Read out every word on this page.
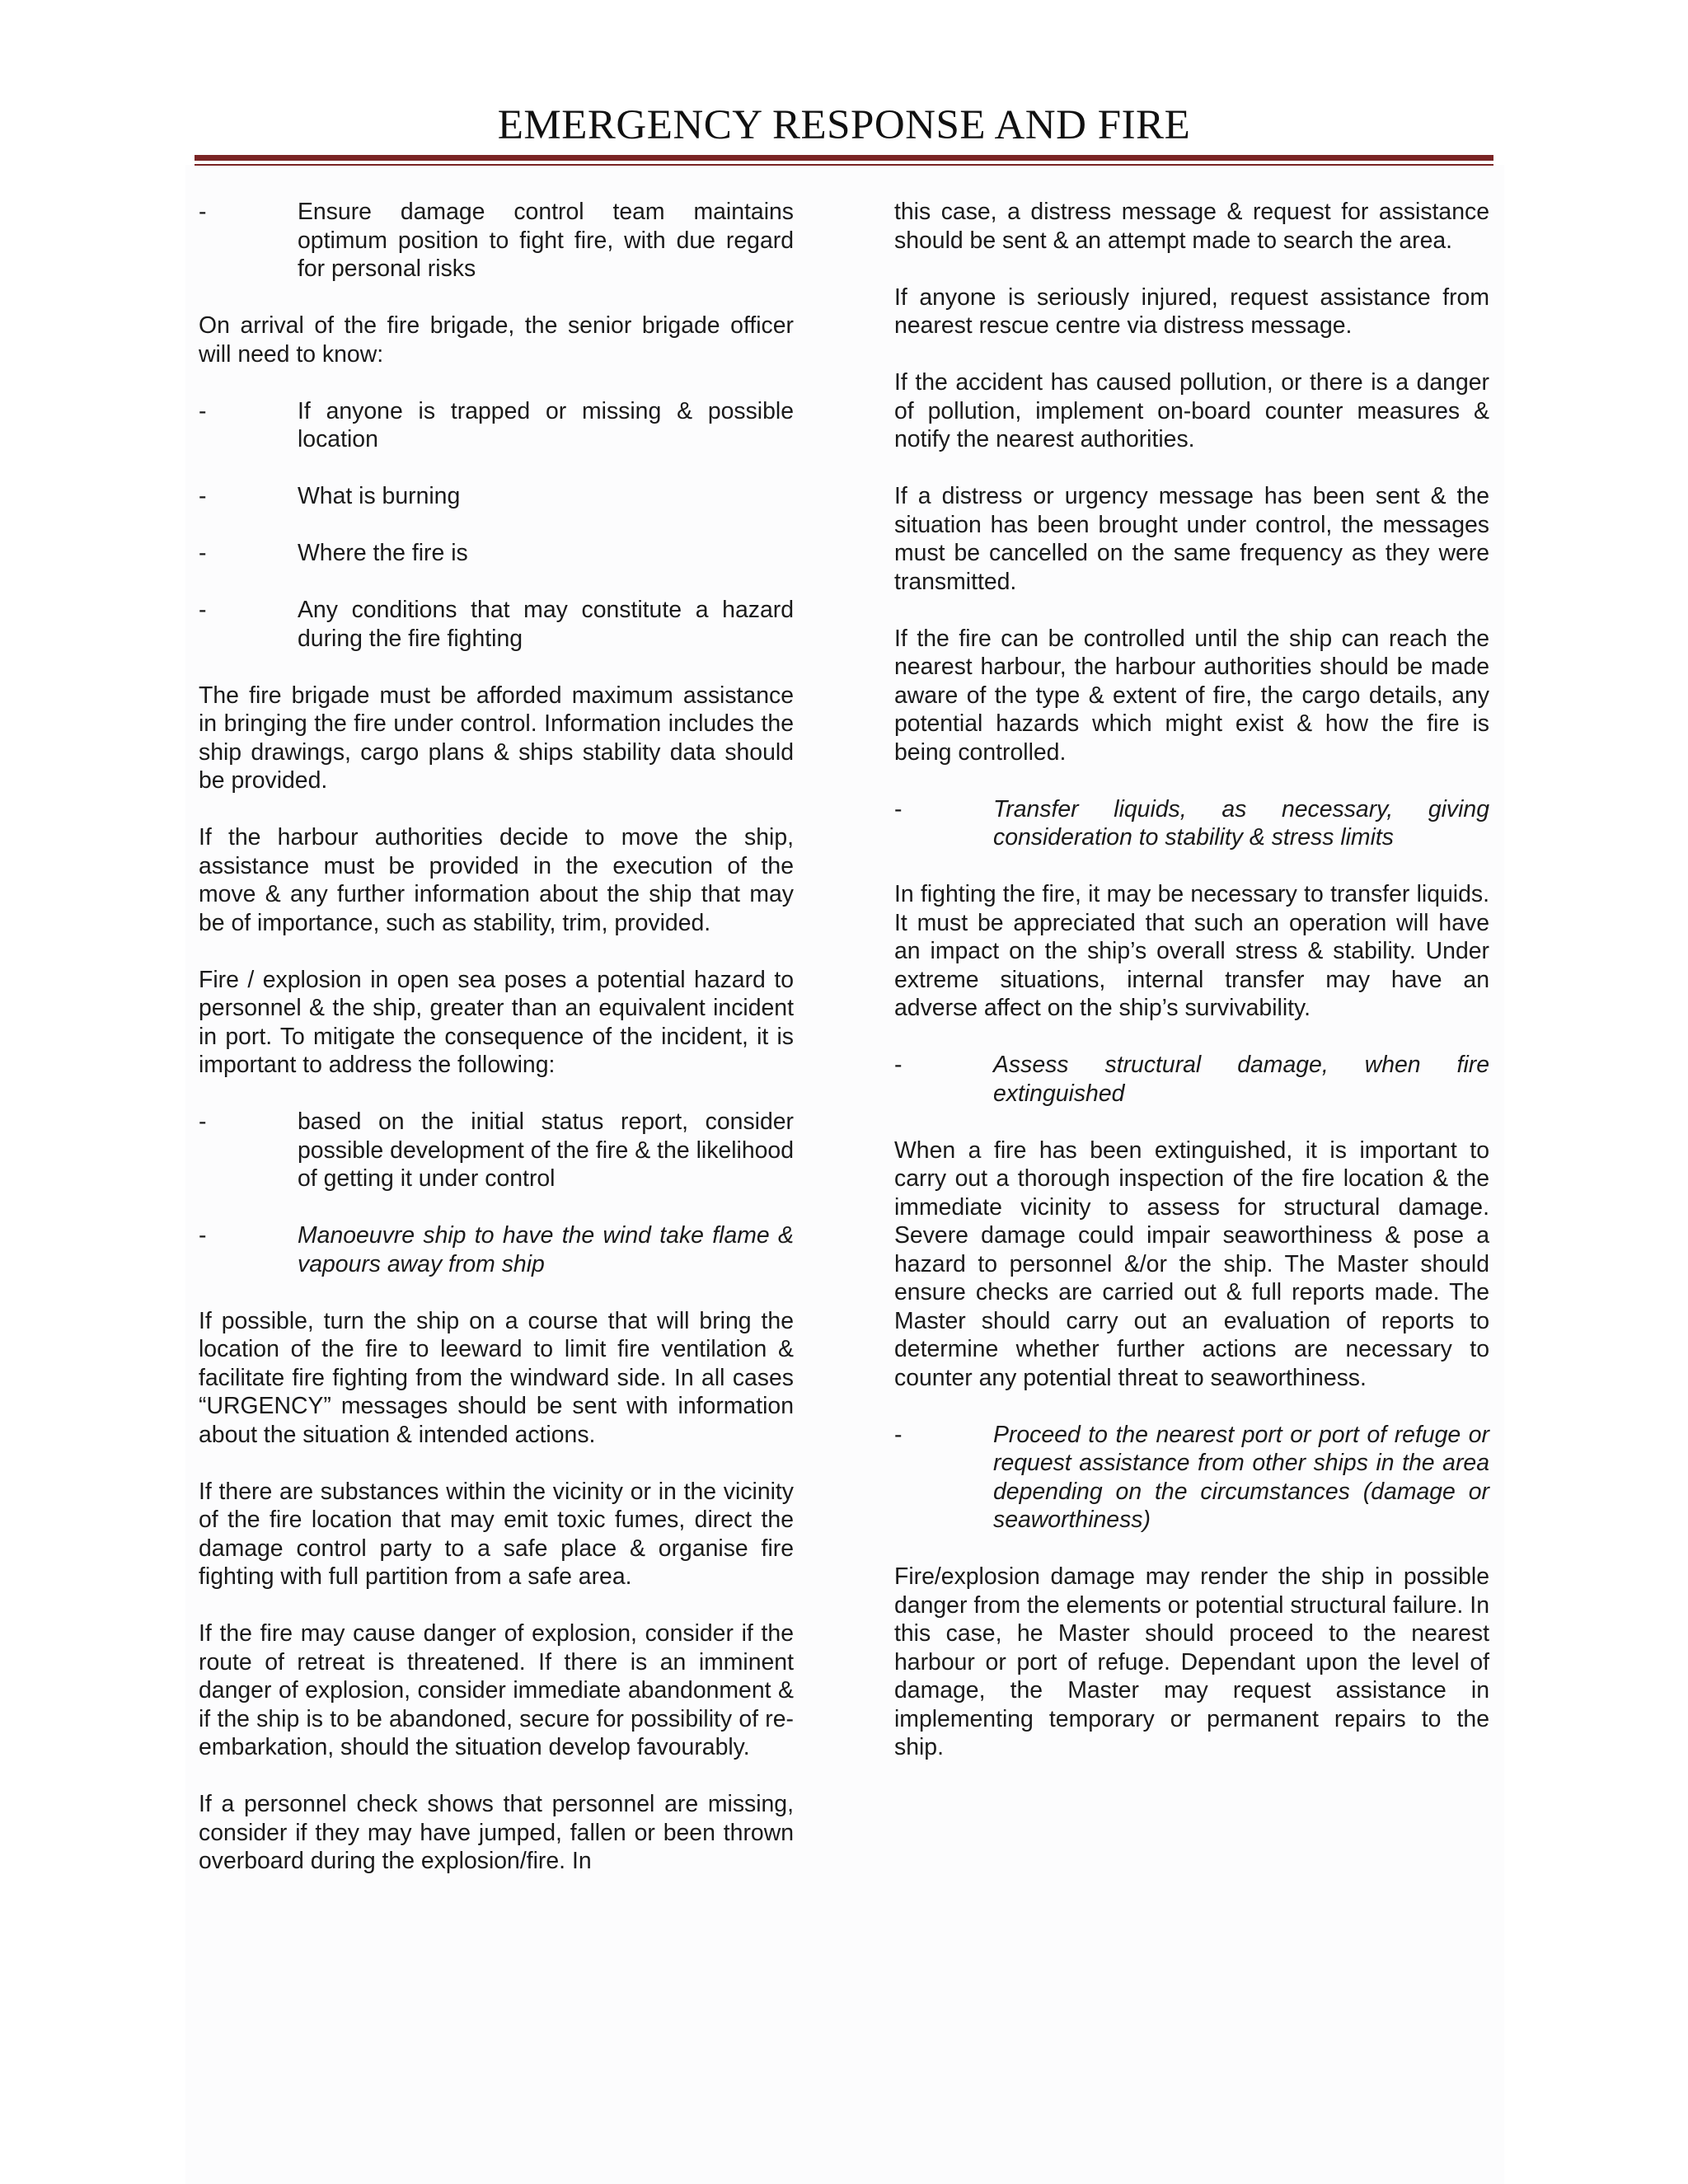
EMERGENCY RESPONSE AND FIRE
-	Ensure damage control team maintains optimum position to fight fire, with due regard for personal risks

On arrival of the fire brigade, the senior brigade officer will need to know:

-	If anyone is trapped or missing & possible location
-	What is burning
-	Where the fire is
-	Any conditions that may constitute a hazard during the fire fighting

The fire brigade must be afforded maximum assistance in bringing the fire under control. Information includes the ship drawings, cargo plans & ships stability data should be provided.

If the harbour authorities decide to move the ship, assistance must be provided in the execution of the move & any further information about the ship that may be of importance, such as stability, trim, provided.

Fire / explosion in open sea poses a potential hazard to personnel & the ship, greater than an equivalent incident in port. To mitigate the consequence of the incident, it is important to address the following:

-	based on the initial status report, consider possible development of the fire & the likelihood of getting it under control
-	Manoeuvre ship to have the wind take flame & vapours away from ship

If possible, turn the ship on a course that will bring the location of the fire to leeward to limit fire ventilation & facilitate fire fighting from the windward side. In all cases “URGENCY” messages should be sent with information about the situation & intended actions.

If there are substances within the vicinity or in the vicinity of the fire location that may emit toxic fumes, direct the damage control party to a safe place & organise fire fighting with full partition from a safe area.

If the fire may cause danger of explosion, consider if the route of retreat is threatened. If there is an imminent danger of explosion, consider immediate abandonment & if the ship is to be abandoned, secure for possibility of re-embarkation, should the situation develop favourably.

If a personnel check shows that personnel are missing, consider if they may have jumped, fallen or been thrown overboard during the explosion/fire. In

this case, a distress message & request for assistance should be sent & an attempt made to search the area.

If anyone is seriously injured, request assistance from nearest rescue centre via distress message.

If the accident has caused pollution, or there is a danger of pollution, implement on-board counter measures & notify the nearest authorities.

If a distress or urgency message has been sent & the situation has been brought under control, the messages must be cancelled on the same frequency as they were transmitted.

If the fire can be controlled until the ship can reach the nearest harbour, the harbour authorities should be made aware of the type & extent of fire, the cargo details, any potential hazards which might exist & how the fire is being controlled.

-	Transfer liquids, as necessary, giving consideration to stability & stress limits

In fighting the fire, it may be necessary to transfer liquids. It must be appreciated that such an operation will have an impact on the ship’s overall stress & stability. Under extreme situations, internal transfer may have an adverse affect on the ship’s survivability.

-	Assess structural damage, when fire extinguished

When a fire has been extinguished, it is important to carry out a thorough inspection of the fire location & the immediate vicinity to assess for structural damage. Severe damage could impair seaworthiness & pose a hazard to personnel &/or the ship. The Master should ensure checks are carried out & full reports made. The Master should carry out an evaluation of reports to determine whether further actions are necessary to counter any potential threat to seaworthiness.

-	Proceed to the nearest port or port of refuge or request assistance from other ships in the area depending on the circumstances (damage or seaworthiness)

Fire/explosion damage may render the ship in possible danger from the elements or potential structural failure. In this case, he Master should proceed to the nearest harbour or port of refuge. Dependant upon the level of damage, the Master may request assistance in implementing temporary or permanent repairs to the ship.
